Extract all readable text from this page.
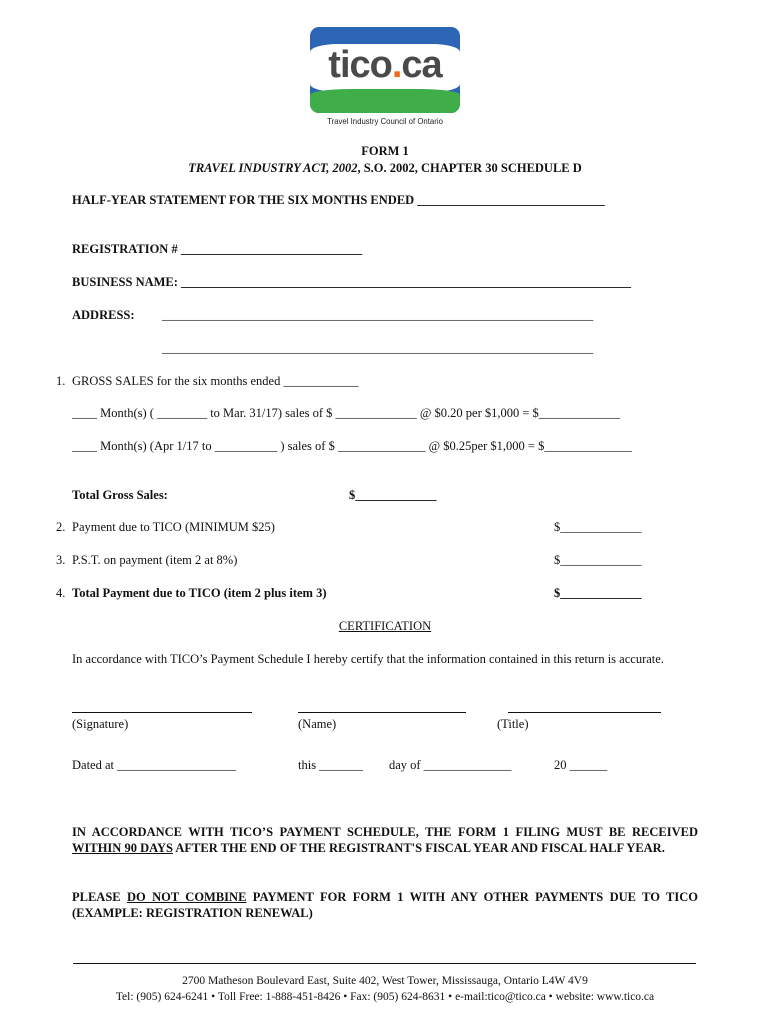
tico.ca
Travel Industry Council of Ontario
FORM 1
TRAVEL INDUSTRY ACT, 2002, S.O. 2002, CHAPTER 30 SCHEDULE D
HALF-YEAR STATEMENT FOR THE SIX MONTHS ENDED ______________________________
REGISTRATION # _____________________________
BUSINESS NAME: ________________________________________________________________________
ADDRESS: _____________________________________________________________________
_____________________________________________________________________
1. GROSS SALES for the six months ended ____________
____ Month(s) ( ________ to Mar. 31/17) sales of $ _____________ @ $0.20 per $1,000 = $_____________
____ Month(s) (Apr 1/17 to __________ ) sales of $ ______________ @ $0.25per $1,000 = $______________
Total Gross Sales:	$_____________
2. Payment due to TICO (MINIMUM $25)	$_____________
3. P.S.T. on payment (item 2 at 8%)	$_____________
4. Total Payment due to TICO (item 2 plus item 3)	$_____________
CERTIFICATION
In accordance with TICO’s Payment Schedule I hereby certify that the information contained in this return is accurate.
(Signature)	(Name)	(Title)
Dated at ___________________	this _______ day of ______________	20 ______
IN ACCORDANCE WITH TICO’S PAYMENT SCHEDULE, THE FORM 1 FILING MUST BE RECEIVED WITHIN 90 DAYS AFTER THE END OF THE REGISTRANT'S FISCAL YEAR AND FISCAL HALF YEAR.
PLEASE DO NOT COMBINE PAYMENT FOR FORM 1 WITH ANY OTHER PAYMENTS DUE TO TICO (EXAMPLE: REGISTRATION RENEWAL)
2700 Matheson Boulevard East, Suite 402, West Tower, Mississauga, Ontario L4W 4V9
Tel: (905) 624-6241 • Toll Free: 1-888-451-8426 • Fax: (905) 624-8631 • e-mail:tico@tico.ca • website: www.tico.ca
